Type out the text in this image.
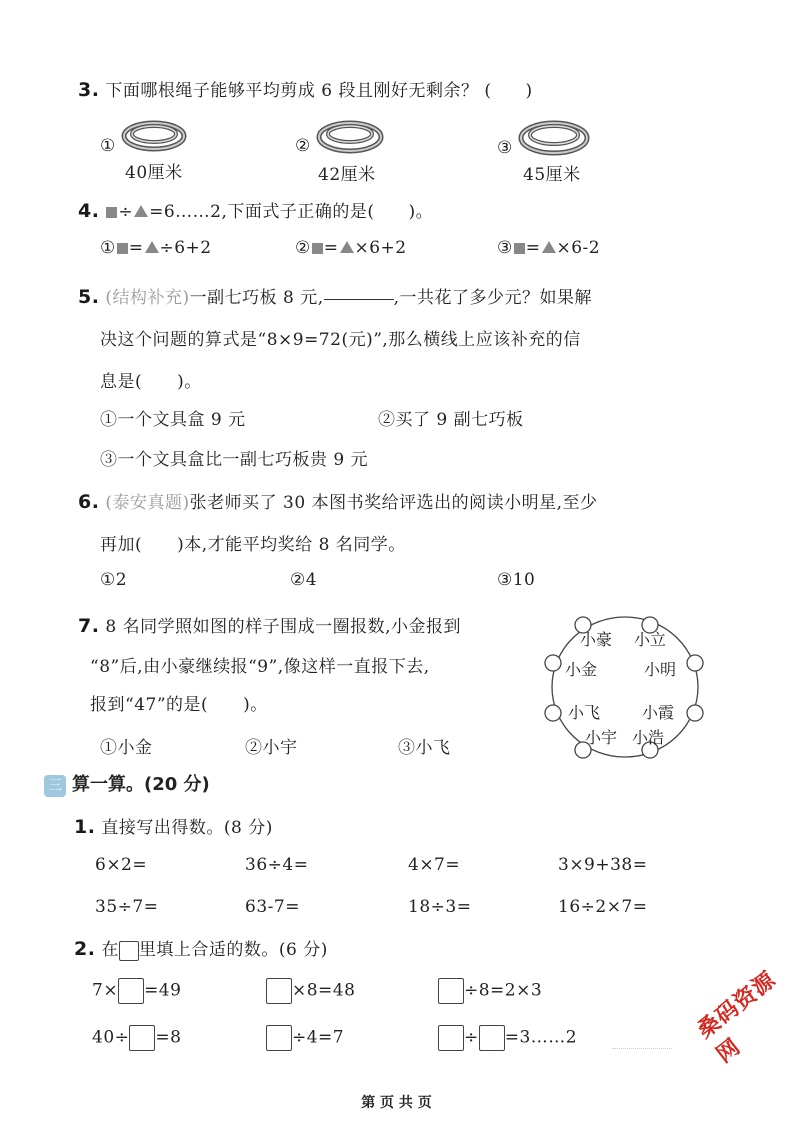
3. 下面哪根绳子能够平均剪成 6 段且刚好无剩余？ ( )
①
40厘米
②
42厘米
③
45厘米
4. ÷ =6……2,下面式子正确的是( )。
① = ÷6+2	② = ×6+2	③ = ×6-2
5. (结构补充)一副七巧板 8 元,	,一共花了多少元？如果解
决这个问题的算式是“8×9=72(元)”,那么横线上应该补充的信
息是(　　)。
①一个文具盒 9 元	②买了 9 副七巧板
③一个文具盒比一副七巧板贵 9 元
6. (泰安真题)张老师买了 30 本图书奖给评选出的阅读小明星,至少
再加(　　)本,才能平均奖给 8 名同学。
①2	②4	③10
7. 8 名同学照如图的样子围成一圈报数,小金报到
“8”后,由小豪继续报“9”,像这样一直报下去,
报到“47”的是(　　)。
①小金	②小宇	③小飞
小豪 小立
小金	小明
小飞	小霞
小宇 小浩
三 算一算。(20 分)
1. 直接写出得数。(8 分)
6×2=	36÷4=	4×7=	3×9+38=
35÷7=	63-7=	18÷3=	16÷2×7=
2. 在 里填上合适的数。(6 分)
7× =49	×8=48	÷8=2×3
40÷ =8	÷4=7	÷ =3……2	桑码资源网
第 页 共 页
